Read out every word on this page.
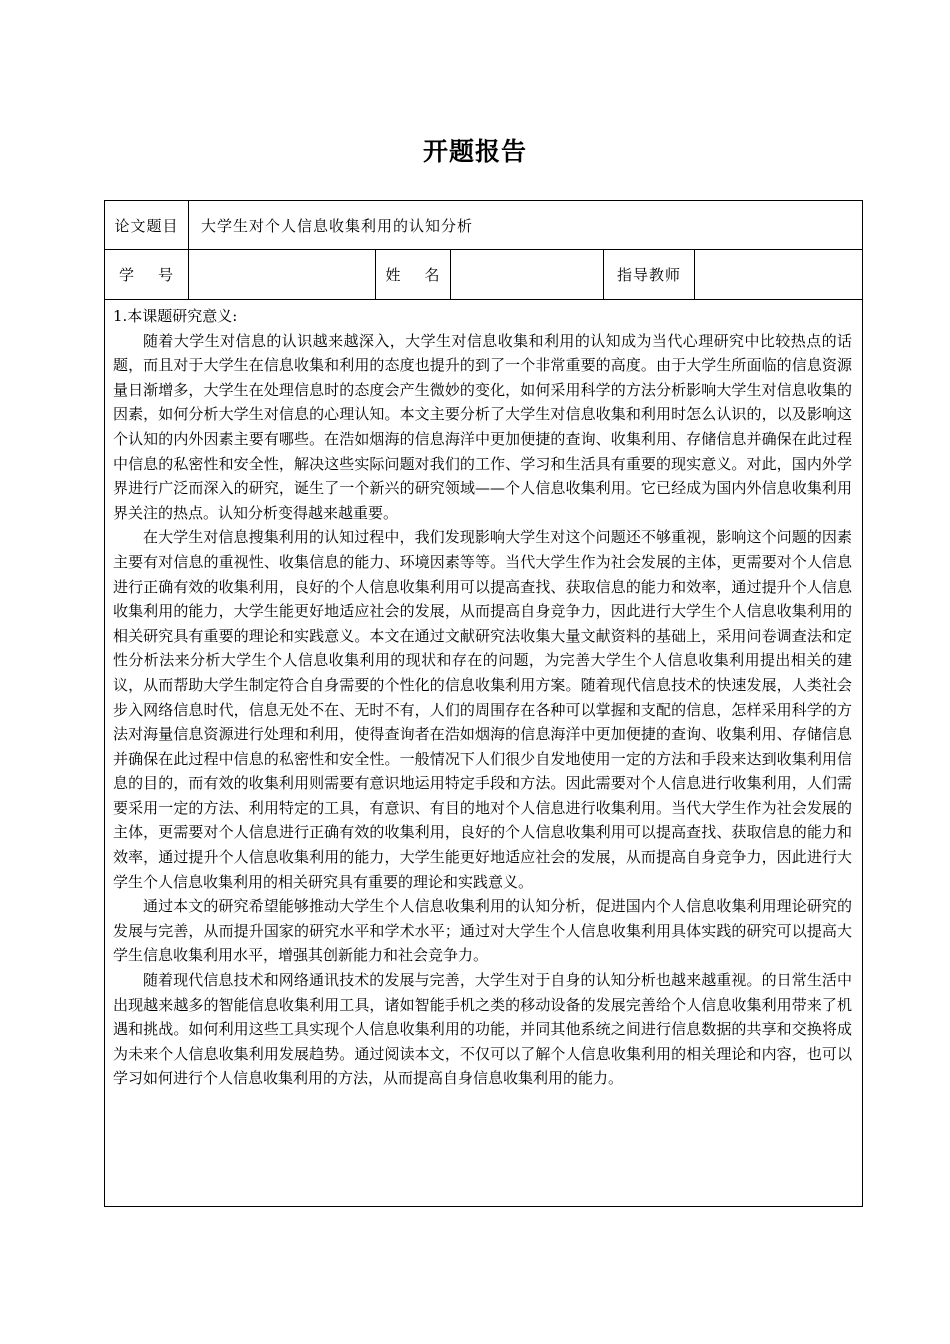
开题报告
论文题目	大学生对个人信息收集利用的认知分析				
学    号		姓    名		指导教师	

1.本课题研究意义:

随着大学生对信息的认识越来越深入，大学生对信息收集和利用的认知成为当代心理研究中比较热点的话题，而且对于大学生在信息收集和利用的态度也提升的到了一个非常重要的高度。由于大学生所面临的信息资源量日渐增多，大学生在处理信息时的态度会产生微妙的变化，如何采用科学的方法分析影响大学生对信息收集的因素，如何分析大学生对信息的心理认知。本文主要分析了大学生对信息收集和利用时怎么认识的，以及影响这个认知的内外因素主要有哪些。在浩如烟海的信息海洋中更加便捷的查询、收集利用、存储信息并确保在此过程中信息的私密性和安全性，解决这些实际问题对我们的工作、学习和生活具有重要的现实意义。对此，国内外学界进行广泛而深入的研究，诞生了一个新兴的研究领域——个人信息收集利用。它已经成为国内外信息收集利用界关注的热点。认知分析变得越来越重要。

在大学生对信息搜集利用的认知过程中，我们发现影响大学生对这个问题还不够重视，影响这个问题的因素主要有对信息的重视性、收集信息的能力、环境因素等等。当代大学生作为社会发展的主体，更需要对个人信息进行正确有效的收集利用，良好的个人信息收集利用可以提高查找、获取信息的能力和效率，通过提升个人信息收集利用的能力，大学生能更好地适应社会的发展，从而提高自身竞争力，因此进行大学生个人信息收集利用的相关研究具有重要的理论和实践意义。本文在通过文献研究法收集大量文献资料的基础上，采用问卷调查法和定性分析法来分析大学生个人信息收集利用的现状和存在的问题，为完善大学生个人信息收集利用提出相关的建议，从而帮助大学生制定符合自身需要的个性化的信息收集利用方案。随着现代信息技术的快速发展，人类社会步入网络信息时代，信息无处不在、无时不有，人们的周围存在各种可以掌握和支配的信息，怎样采用科学的方法对海量信息资源进行处理和利用，使得查询者在浩如烟海的信息海洋中更加便捷的查询、收集利用、存储信息并确保在此过程中信息的私密性和安全性。一般情况下人们很少自发地使用一定的方法和手段来达到收集利用信息的目的，而有效的收集利用则需要有意识地运用特定手段和方法。因此需要对个人信息进行收集利用，人们需要采用一定的方法、利用特定的工具，有意识、有目的地对个人信息进行收集利用。当代大学生作为社会发展的主体，更需要对个人信息进行正确有效的收集利用，良好的个人信息收集利用可以提高查找、获取信息的能力和效率，通过提升个人信息收集利用的能力，大学生能更好地适应社会的发展，从而提高自身竞争力，因此进行大学生个人信息收集利用的相关研究具有重要的理论和实践意义。

通过本文的研究希望能够推动大学生个人信息收集利用的认知分析，促进国内个人信息收集利用理论研究的发展与完善，从而提升国家的研究水平和学术水平；通过对大学生个人信息收集利用具体实践的研究可以提高大学生信息收集利用水平，增强其创新能力和社会竞争力。

随着现代信息技术和网络通讯技术的发展与完善，大学生对于自身的认知分析也越来越重视。的日常生活中出现越来越多的智能信息收集利用工具，诸如智能手机之类的移动设备的发展完善给个人信息收集利用带来了机遇和挑战。如何利用这些工具实现个人信息收集利用的功能，并同其他系统之间进行信息数据的共享和交换将成为未来个人信息收集利用发展趋势。通过阅读本文，不仅可以了解个人信息收集利用的相关理论和内容，也可以学习如何进行个人信息收集利用的方法，从而提高自身信息收集利用的能力。					
